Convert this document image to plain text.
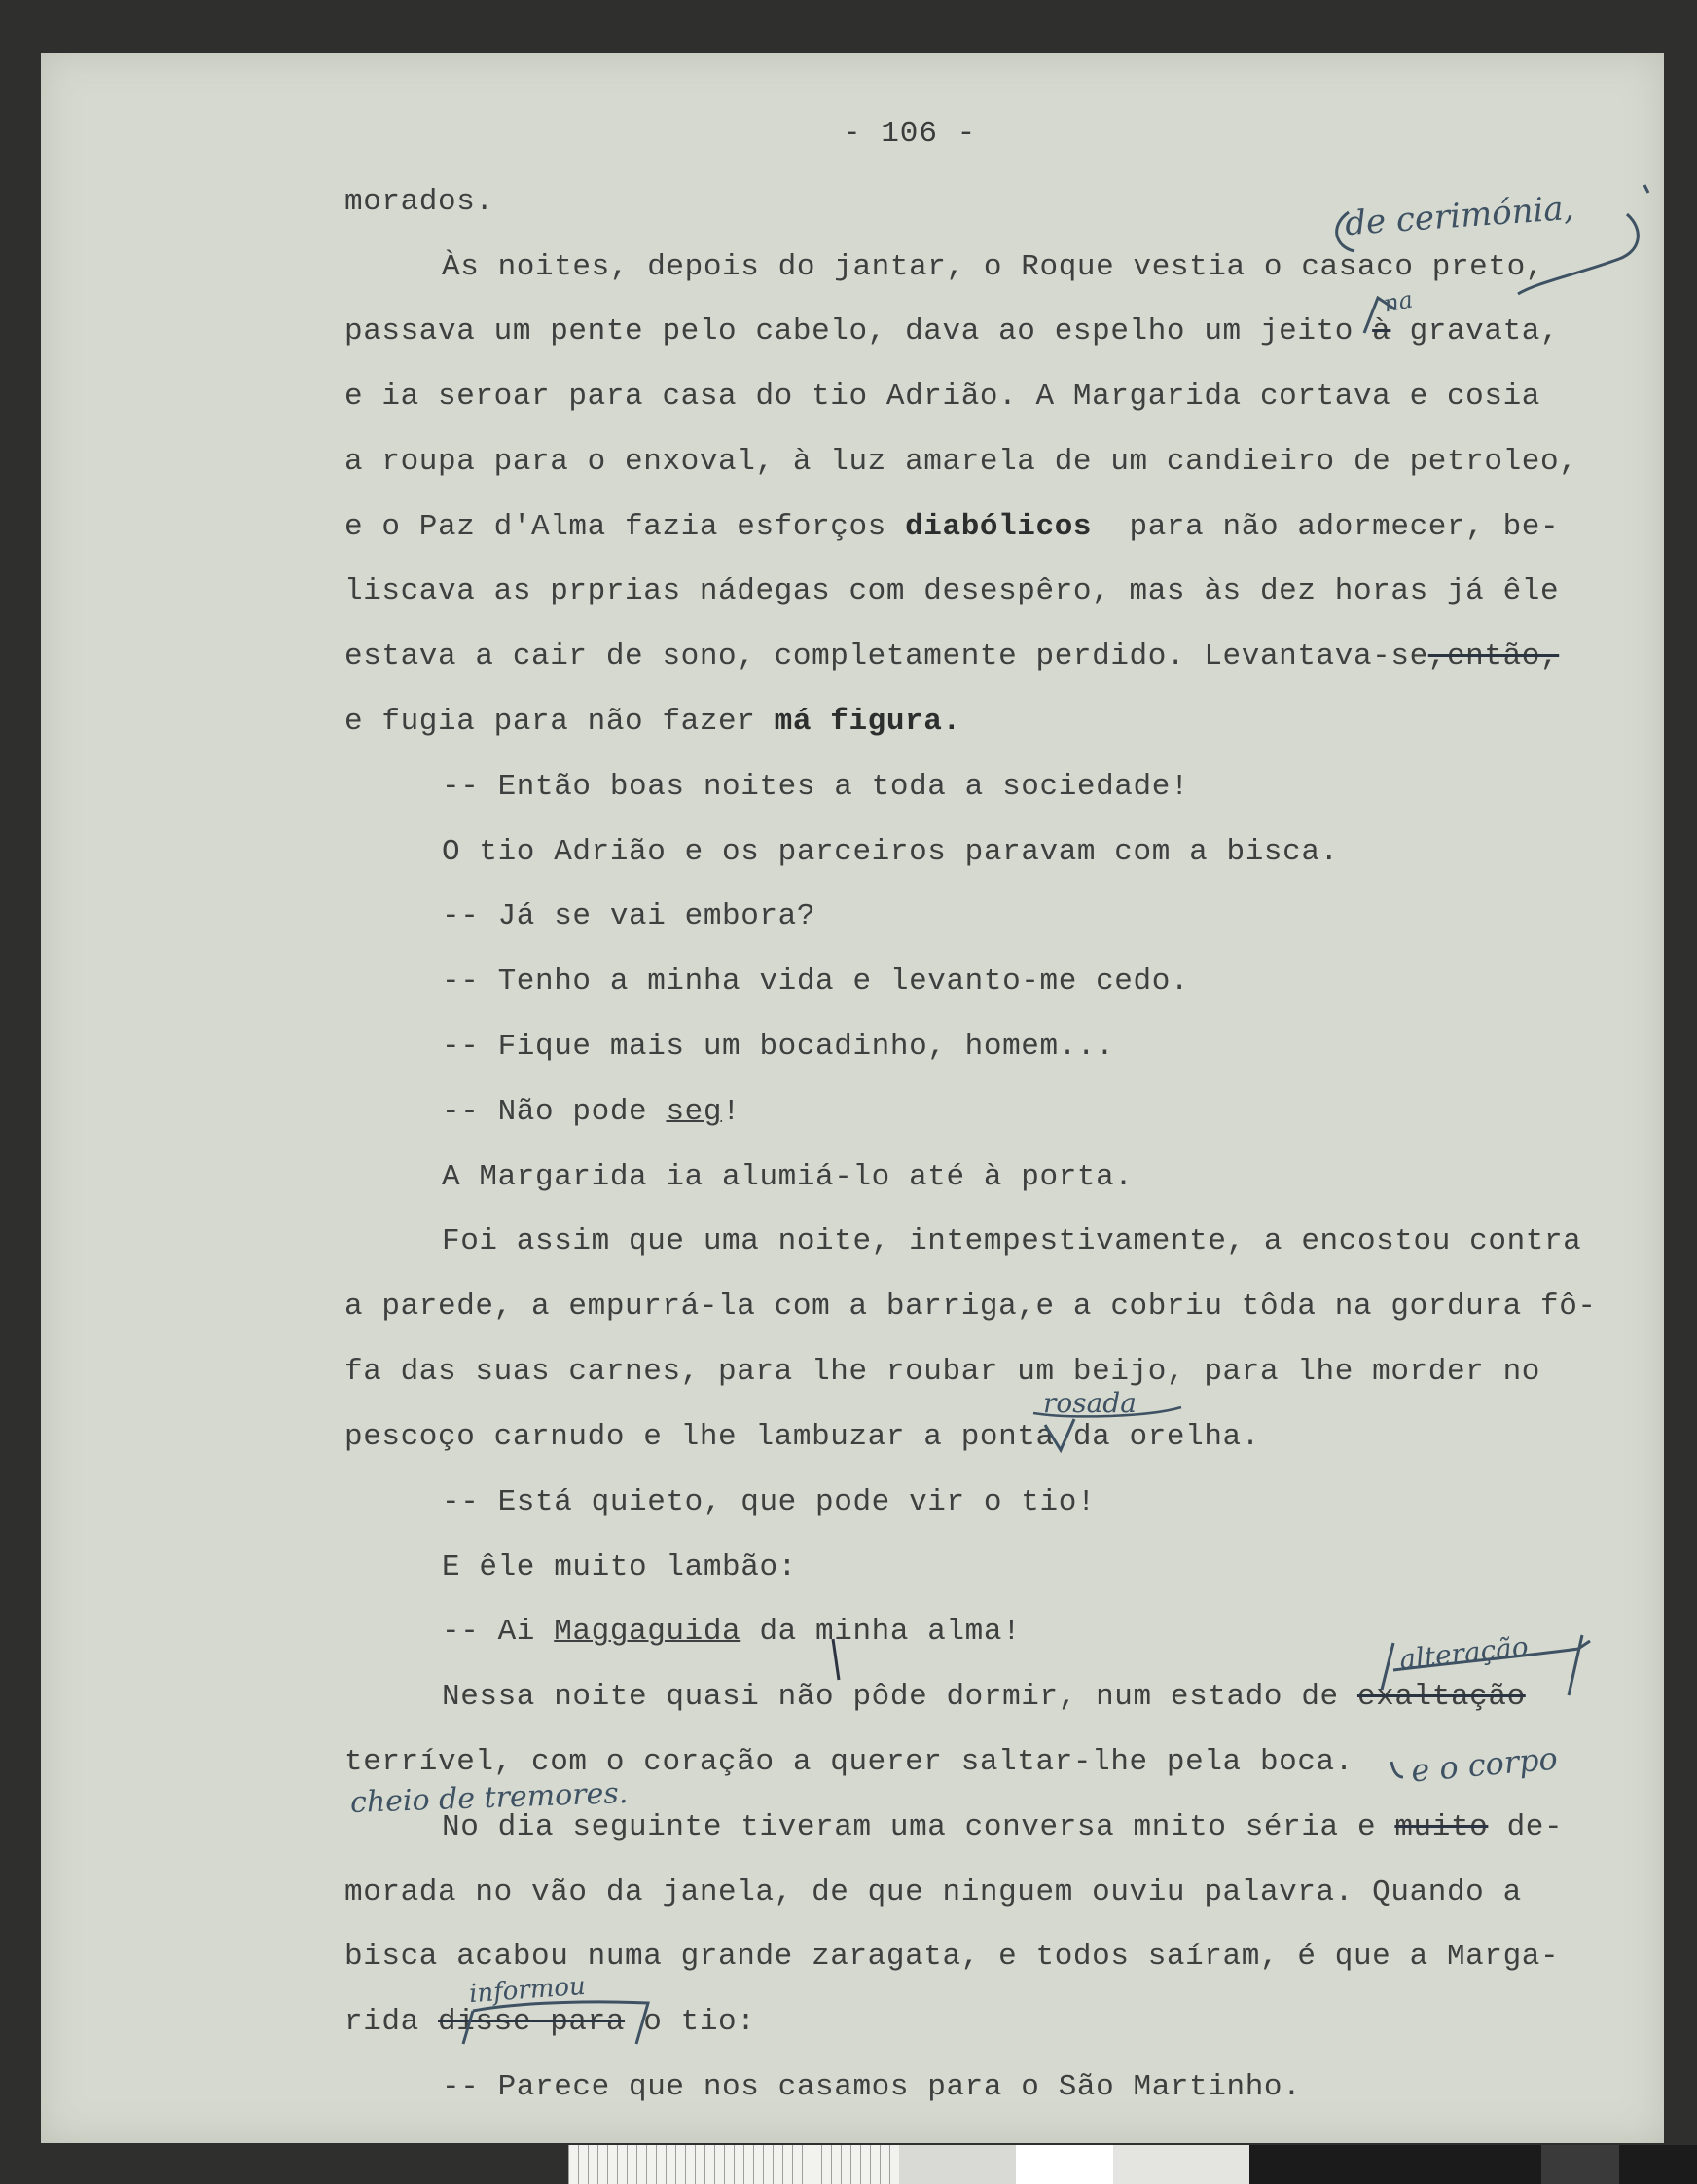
- 106 -
morados.
Às noites, depois do jantar, o Roque vestia o casaco preto,
passava um pente pelo cabelo, dava ao espelho um jeito à gravata,
e ia seroar para casa do tio Adrião. A Margarida cortava e cosia
a roupa para o enxoval, à luz amarela de um candieiro de petroleo,
e o Paz d'Alma fazia esforços diabólicos  para não adormecer, be-
liscava as prprias nádegas com desespêro, mas às dez horas já êle
estava a cair de sono, completamente perdido. Levantava-se,então,
e fugia para não fazer má figura.
-- Então boas noites a toda a sociedade!
O tio Adrião e os parceiros paravam com a bisca.
-- Já se vai embora?
-- Tenho a minha vida e levanto-me cedo.
-- Fique mais um bocadinho, homem...
-- Não pode seg!
A Margarida ia alumiá-lo até à porta.
Foi assim que uma noite, intempestivamente, a encostou contra
a parede, a empurrá-la com a barriga,e a cobriu tôda na gordura fô-
fa das suas carnes, para lhe roubar um beijo, para lhe morder no
pescoço carnudo e lhe lambuzar a ponta da orelha.
-- Está quieto, que pode vir o tio!
E êle muito lambão:
-- Ai Maggaguida da minha alma!
Nessa noite quasi não pôde dormir, num estado de exaltação
terrível, com o coração a querer saltar-lhe pela boca.
No dia seguinte tiveram uma conversa mnito séria e muito de-
morada no vão da janela, de que ninguem ouviu palavra. Quando a
bisca acabou numa grande zaragata, e todos saíram, é que a Marga-
rida disse para o tio:
-- Parece que nos casamos para o São Martinho.
de cerimónia,
na
rosada
alteração
e o corpo
cheio de tremores.
informou
